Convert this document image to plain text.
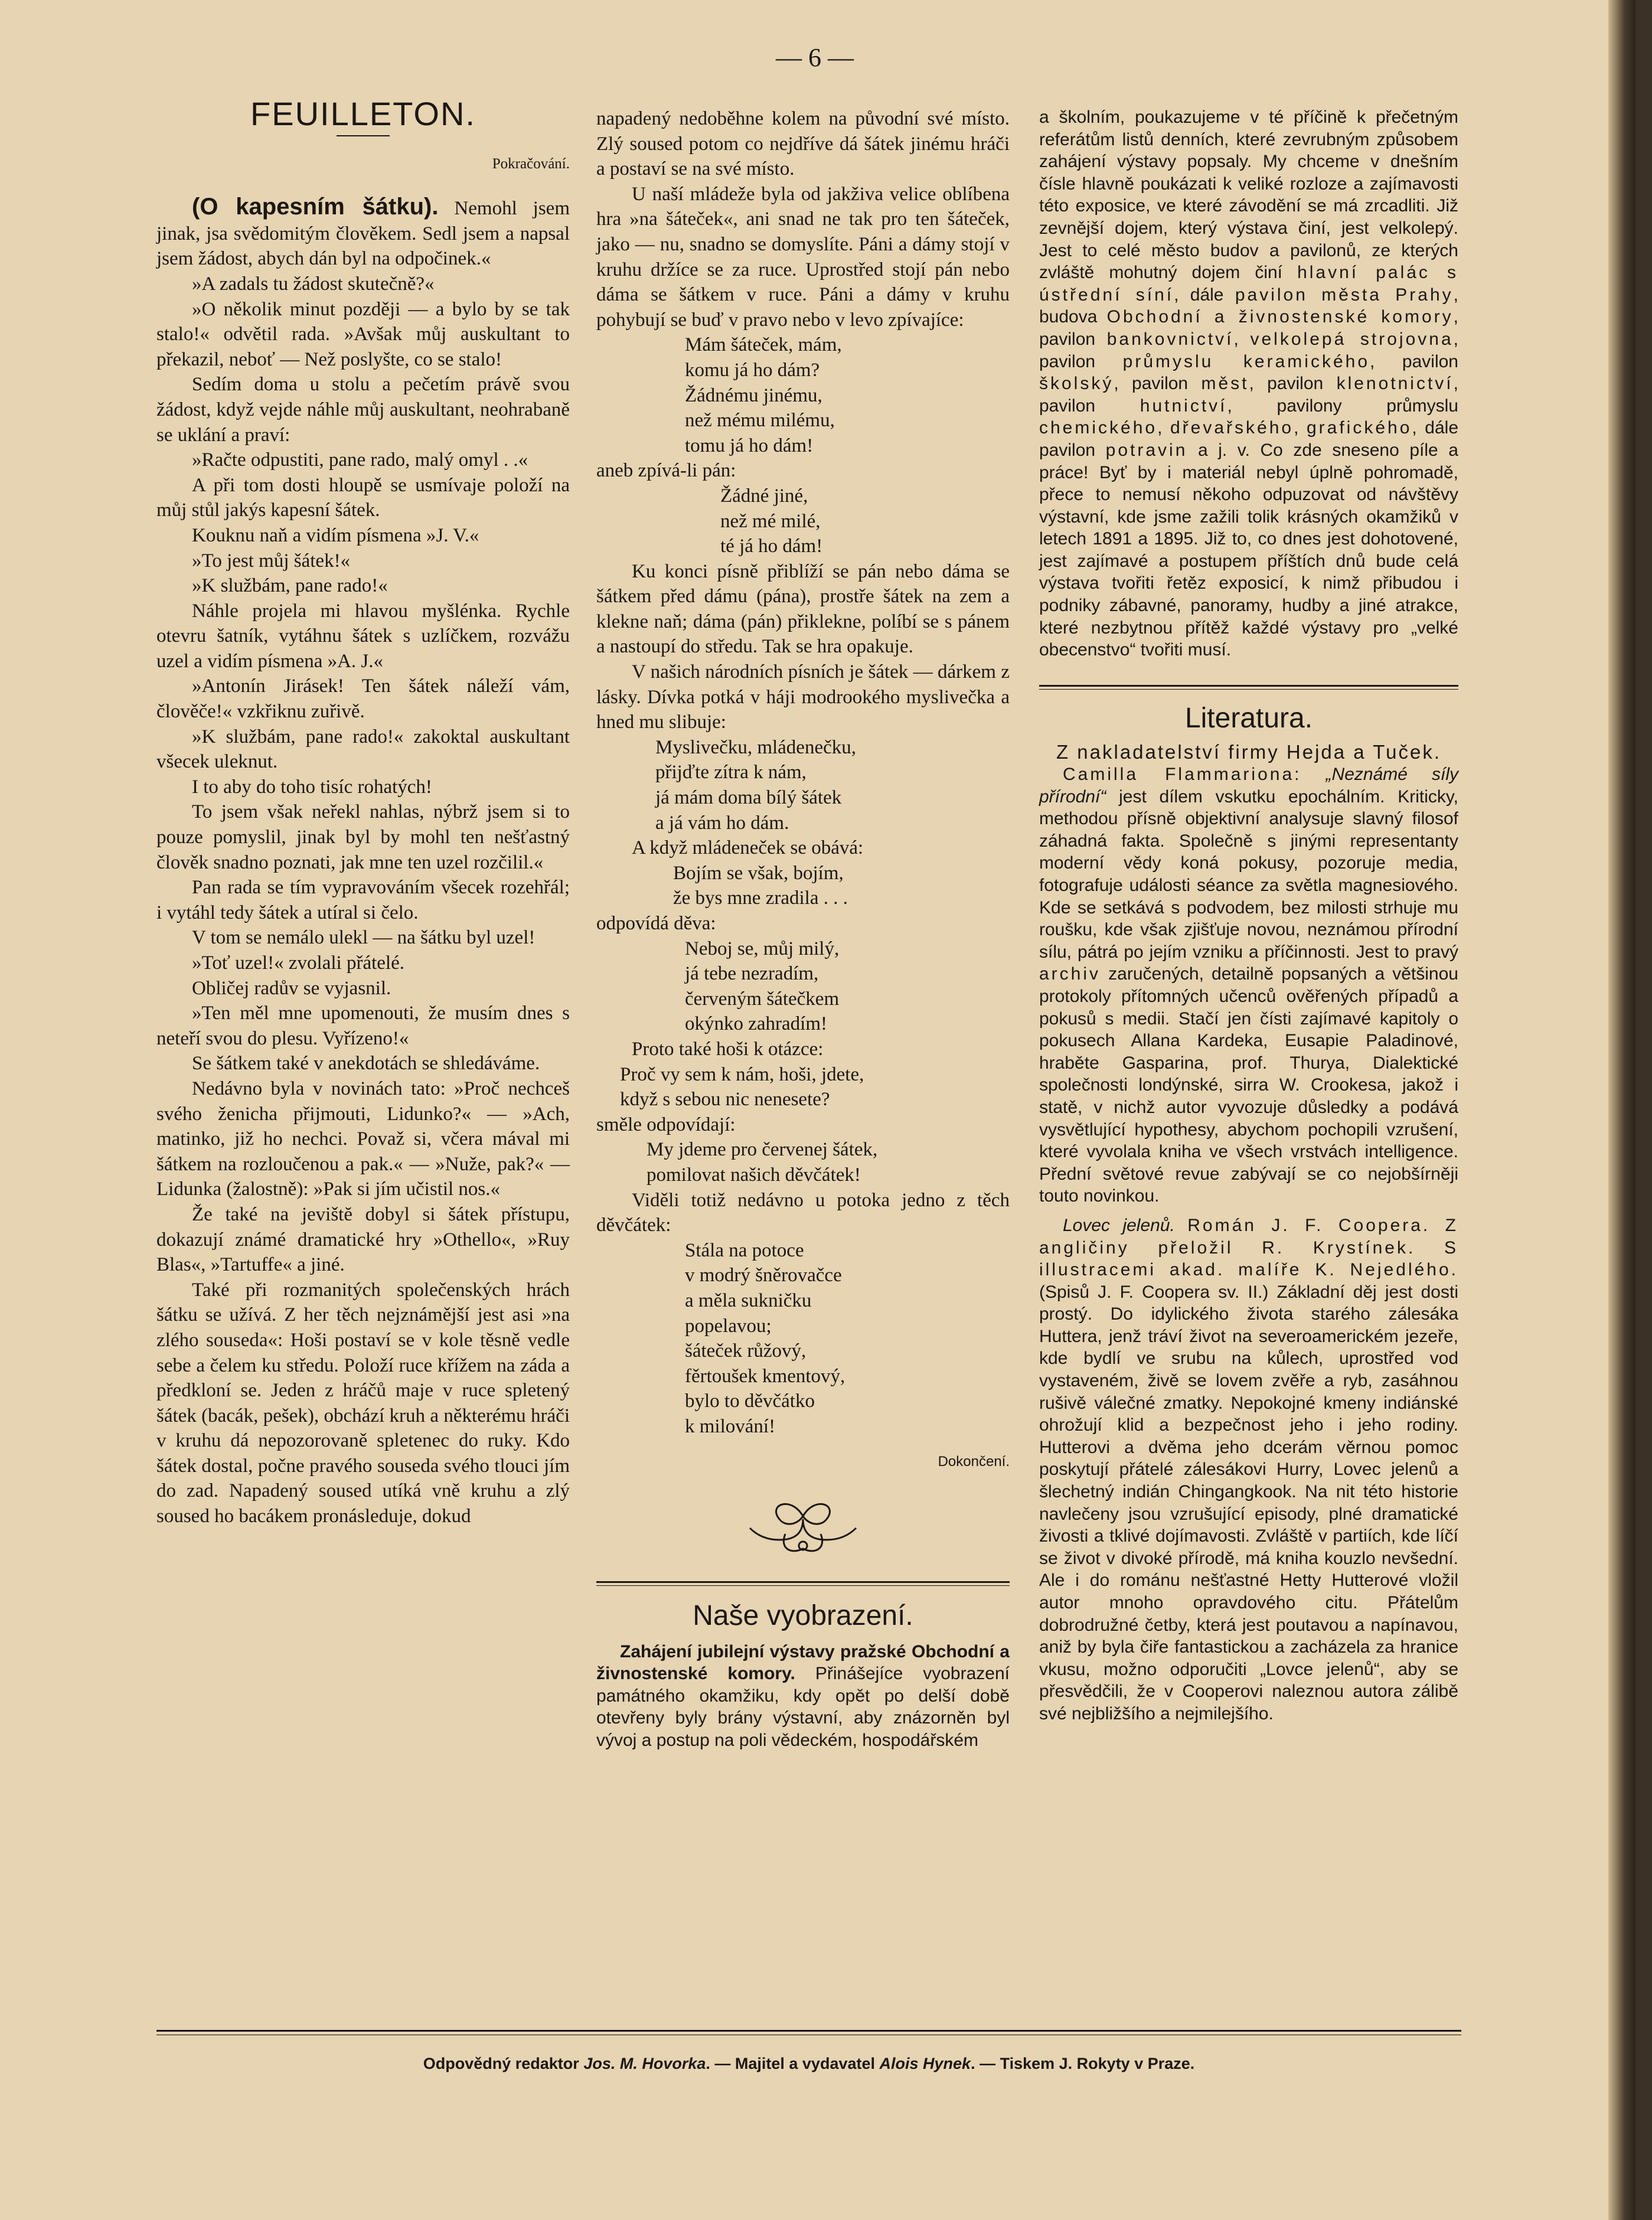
— 6 —
FEUILLETON.
Pokračování.

(O kapesním šátku). Nemohl jsem jinak, jsa svědomitým člověkem. Sedl jsem a napsal jsem žádost, abych dán byl na odpočinek.«

»A zadals tu žádost skutečně?«

»O několik minut později — a bylo by se tak stalo!« odvětil rada. »Avšak můj auskultant to překazil, neboť — Než poslyšte, co se stalo!

Sedím doma u stolu a pečetím právě svou žádost, když vejde náhle můj auskultant, neohrabaně se uklání a praví:

»Račte odpustiti, pane rado, malý omyl . .«

A při tom dosti hloupě se usmívaje položí na můj stůl jakýs kapesní šátek.

Kouknu naň a vidím písmena »J. V.«

»To jest můj šátek!«

»K službám, pane rado!«

Náhle projela mi hlavou myšlénka. Rychle otevru šatník, vytáhnu šátek s uzlíčkem, rozvážu uzel a vidím písmena »A. J.«

»Antonín Jirásek! Ten šátek náleží vám, člověče!« vzkřiknu zuřivě.

»K službám, pane rado!« zakoktal auskultant všecek uleknut.

I to aby do toho tisíc rohatých!

To jsem však neřekl nahlas, nýbrž jsem si to pouze pomyslil, jinak byl by mohl ten nešťastný člověk snadno poznati, jak mne ten uzel rozčilil.«

Pan rada se tím vypravováním všecek rozehřál; i vytáhl tedy šátek a utíral si čelo.

V tom se nemálo ulekl — na šátku byl uzel!

»Toť uzel!« zvolali přátelé.

Obličej radův se vyjasnil.

»Ten měl mne upomenouti, že musím dnes s neteří svou do plesu. Vyřízeno!«

Se šátkem také v anekdotách se shledáváme.

Nedávno byla v novinách tato: »Proč nechceš svého ženicha přijmouti, Lidunko?« — »Ach, matinko, již ho nechci. Považ si, včera mával mi šátkem na rozloučenou a pak.« — »Nuže, pak?« — Lidunka (žalostně): »Pak si jím učistil nos.«

Že také na jevištĕ dobyl si šátek přístupu, dokazují známé dramatické hry »Othello«, »Ruy Blas«, »Tartuffe« a jiné.

Také při rozmanitých společenských hrách šátku se užívá. Z her těch nejznámější jest asi »na zlého souseda«: Hoši postaví se v kole těsně vedle sebe a čelem ku středu. Položí ruce křížem na záda a předkloní se. Jeden z hráčů maje v ruce spletený šátek (bacák, pešek), obchází kruh a některému hráči v kruhu dá nepozorovaně spletenec do ruky. Kdo šátek dostal, počne pravého souseda svého tlouci jím do zad. Napadený soused utíká vně kruhu a zlý soused ho bacákem pronásleduje, dokud

napadený nedoběhne kolem na původní své místo. Zlý soused potom co nejdříve dá šátek jinému hráči a postaví se na své místo.

U naší mládeže byla od jakživa velice oblíbena hra »na šáteček«, ani snad ne tak pro ten šáteček, jako — nu, snadno se domyslíte. Páni a dámy stojí v kruhu držíce se za ruce. Uprostřed stojí pán nebo dáma se šátkem v ruce. Páni a dámy v kruhu pohybují se buď v pravo nebo v levo zpívajíce:

Mám šáteček, mám,
komu já ho dám?
Žádnému jinému,
než mému milému,
tomu já ho dám!

aneb zpívá-li pán:

Žádné jiné,
než mé milé,
té já ho dám!

Ku konci písně přiblíží se pán nebo dáma se šátkem před dámu (pána), prostře šátek na zem a klekne naň; dáma (pán) přiklekne, políbí se s pánem a nastoupí do středu. Tak se hra opakuje.

V našich národních písních je šátek — dárkem z lásky. Dívka potká v háji modrookého myslivečka a hned mu slibuje:

Myslivečku, mládenečku,
přijďte zítra k nám,
já mám doma bílý šátek
a já vám ho dám.

A když mládeneček se obává:

Bojím se však, bojím,
že bys mne zradila . . .

odpovídá děva:

Neboj se, můj milý,
já tebe nezradím,
červeným šátečkem
okýnko zahradím!

Proto také hoši k otázce:

Proč vy sem k nám, hoši, jdete,
když s sebou nic nenesete?

směle odpovídají:

My jdeme pro červenej šátek,
pomilovat našich děvčátek!

Viděli totiž nedávno u potoka jedno z těch děvčátek:

Stála na potoce
v modrý šněrovačce
a měla sukničku
popelavou;
šáteček růžový,
fěrtoušek kmentový,
bylo to děvčátko
k milování!
Dokončení.
Naše vyobrazení.

Zahájení jubilejní výstavy pražské Obchodní a živnostenské komory. Přinášejíce vyobrazení památného okamžiku, kdy opět po delší době otevřeny byly brány výstavní, aby znázorněn byl vývoj a postup na poli vědeckém, hospodářském

a školním, poukazujeme v té příčině k přečetným referátům listů denních, které zevrubným způsobem zahájení výstavy popsaly. My chceme v dnešním čísle hlavně poukázati k veliké rozloze a zajímavosti této exposice, ve které závodění se má zrcadliti. Již zevnější dojem, který výstava činí, jest velkolepý. Jest to celé město budov a pavilonů, ze kterých zvláště mohutný dojem činí hlavní palác s ústřední síní, dále pavilon města Prahy, budova Obchodní a živnostenské komory, pavilon bankovnictví, velkolepá strojovna, pavilon průmyslu keramického, pavilon školský, pavilon měst, pavilon klenotnictví, pavilon	hutnictví, pavilony průmyslu chemického, dřevařského, grafického, dále pavilon potravin a j. v. Co zde sneseno píle a práce! Byť by i materiál nebyl úplně pohromadě, přece to nemusí někoho odpuzovat od návštěvy výstavní, kde jsme zažili tolik krásných okamžiků v letech 1891 a 1895. Již to, co dnes jest dohotovené, jest zajímavé a postupem příštích dnů bude celá výstava tvořiti řetěz exposicí, k nimž přibudou i podniky zábavné, panoramy, hudby a jiné atrakce, které nezbytnou přítěž každé výstavy pro „velké obecenstvo“ tvořiti musí.

Literatura.

Z nakladatelství firmy Hejda a Tuček.

Camilla Flammariona: „Neznámé síly přírodní“ jest dílem vskutku epochálním. Kriticky, methodou přísně objektivní analysuje slavný filosof záhadná fakta. Společně s jinými representanty moderní vědy koná pokusy, pozoruje media, fotografuje události séance za světla magnesiového. Kde se setkává s podvodem, bez milosti strhuje mu roušku, kde však zjišťuje novou, neznámou přírodní sílu, pátrá po jejím vzniku a příčinnosti. Jest to pravý archiv zaručených, detailně popsaných a většinou protokoly přítomných učenců ověřených případů a pokusů s medii. Stačí jen čísti zajímavé kapitoly o pokusech Allana Kardeka, Eusapie Paladinové, hraběte Gasparina, prof. Thurya, Dialektické společnosti londýnské, sirra W. Crookesa, jakož i statě, v nichž autor vyvozuje důsledky a podává vysvětlující hypothesy, abychom pochopili vzrušení, které vyvolala kniha ve všech vrstvách intelligence. Přední světové revue zabývají se co nejobšírněji touto novinkou.

Lovec jelenů. Román J. F. Coopera. Z angličiny přeložil R. Krystínek. S illustracemi akad. malíře K. Nejedlého. (Spisů J. F. Coopera sv. II.) Základní děj jest dosti prostý. Do idylického života starého zálesáka Huttera, jenž tráví život na severoamerickém jezeře, kde bydlí ve srubu na kůlech, uprostřed vod vystaveném, živě se lovem zvěře a ryb, zasáhnou rušivě válečné zmatky. Nepokojné kmeny indiánské ohrožují klid a bezpečnost jeho i jeho rodiny. Hutterovi a dvěma jeho dcerám věrnou pomoc poskytují přátelé zálesákovi Hurry, Lovec jelenů a šlechetný indián Chingangkook. Na nit této historie navlečeny jsou vzrušující episody, plné dramatické živosti a tklivé dojímavosti. Zvláště v partiích, kde líčí se život v divoké přírodě, má kniha kouzlo nevšední. Ale i do románu nešťastné Hetty Hutterové vložil autor mnoho opravdového citu. Přátelům dobrodružné četby, která jest poutavou a napínavou, aniž by byla čiře fantastickou a zacházela za hranice vkusu, možno odporučiti „Lovce jelenů“, aby se přesvědčili, že v Cooperovi naleznou autora zálibě své nejbližšího a nejmilejšího.

Odpovědný redaktor Jos. M. Hovorka. — Majitel a vydavatel Alois Hynek. — Tiskem J. Rokyty v Praze.
